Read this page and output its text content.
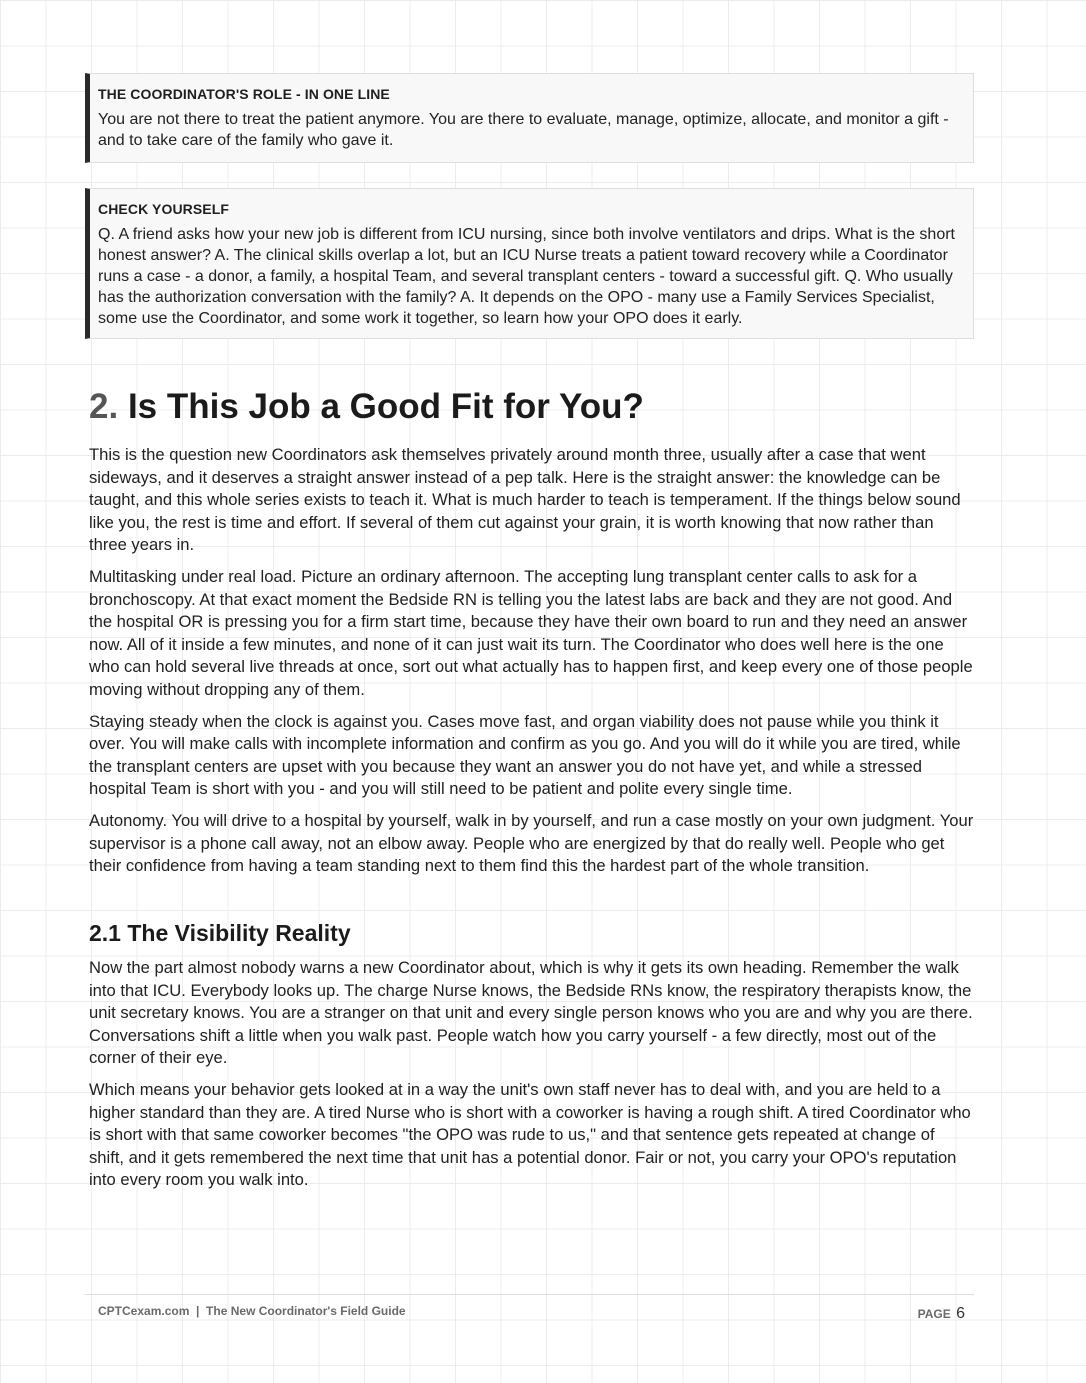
THE COORDINATOR'S ROLE - IN ONE LINE

You are not there to treat the patient anymore. You are there to evaluate, manage, optimize, allocate, and monitor a gift - and to take care of the family who gave it.

CHECK YOURSELF

Q. A friend asks how your new job is different from ICU nursing, since both involve ventilators and drips. What is the short honest answer? A. The clinical skills overlap a lot, but an ICU Nurse treats a patient toward recovery while a Coordinator runs a case - a donor, a family, a hospital Team, and several transplant centers - toward a successful gift. Q. Who usually has the authorization conversation with the family? A. It depends on the OPO - many use a Family Services Specialist, some use the Coordinator, and some work it together, so learn how your OPO does it early.

2. Is This Job a Good Fit for You?

This is the question new Coordinators ask themselves privately around month three, usually after a case that went sideways, and it deserves a straight answer instead of a pep talk. Here is the straight answer: the knowledge can be taught, and this whole series exists to teach it. What is much harder to teach is temperament. If the things below sound like you, the rest is time and effort. If several of them cut against your grain, it is worth knowing that now rather than three years in.

Multitasking under real load. Picture an ordinary afternoon. The accepting lung transplant center calls to ask for a bronchoscopy. At that exact moment the Bedside RN is telling you the latest labs are back and they are not good. And the hospital OR is pressing you for a firm start time, because they have their own board to run and they need an answer now. All of it inside a few minutes, and none of it can just wait its turn. The Coordinator who does well here is the one who can hold several live threads at once, sort out what actually has to happen first, and keep every one of those people moving without dropping any of them.

Staying steady when the clock is against you. Cases move fast, and organ viability does not pause while you think it over. You will make calls with incomplete information and confirm as you go. And you will do it while you are tired, while the transplant centers are upset with you because they want an answer you do not have yet, and while a stressed hospital Team is short with you - and you will still need to be patient and polite every single time.

Autonomy. You will drive to a hospital by yourself, walk in by yourself, and run a case mostly on your own judgment. Your supervisor is a phone call away, not an elbow away. People who are energized by that do really well. People who get their confidence from having a team standing next to them find this the hardest part of the whole transition.

2.1 The Visibility Reality

Now the part almost nobody warns a new Coordinator about, which is why it gets its own heading. Remember the walk into that ICU. Everybody looks up. The charge Nurse knows, the Bedside RNs know, the respiratory therapists know, the unit secretary knows. You are a stranger on that unit and every single person knows who you are and why you are there. Conversations shift a little when you walk past. People watch how you carry yourself - a few directly, most out of the corner of their eye.

Which means your behavior gets looked at in a way the unit's own staff never has to deal with, and you are held to a higher standard than they are. A tired Nurse who is short with a coworker is having a rough shift. A tired Coordinator who is short with that same coworker becomes "the OPO was rude to us," and that sentence gets repeated at change of shift, and it gets remembered the next time that unit has a potential donor. Fair or not, you carry your OPO's reputation into every room you walk into.

CPTCexam.com  |  The New Coordinator's Field Guide	PAGE 6
